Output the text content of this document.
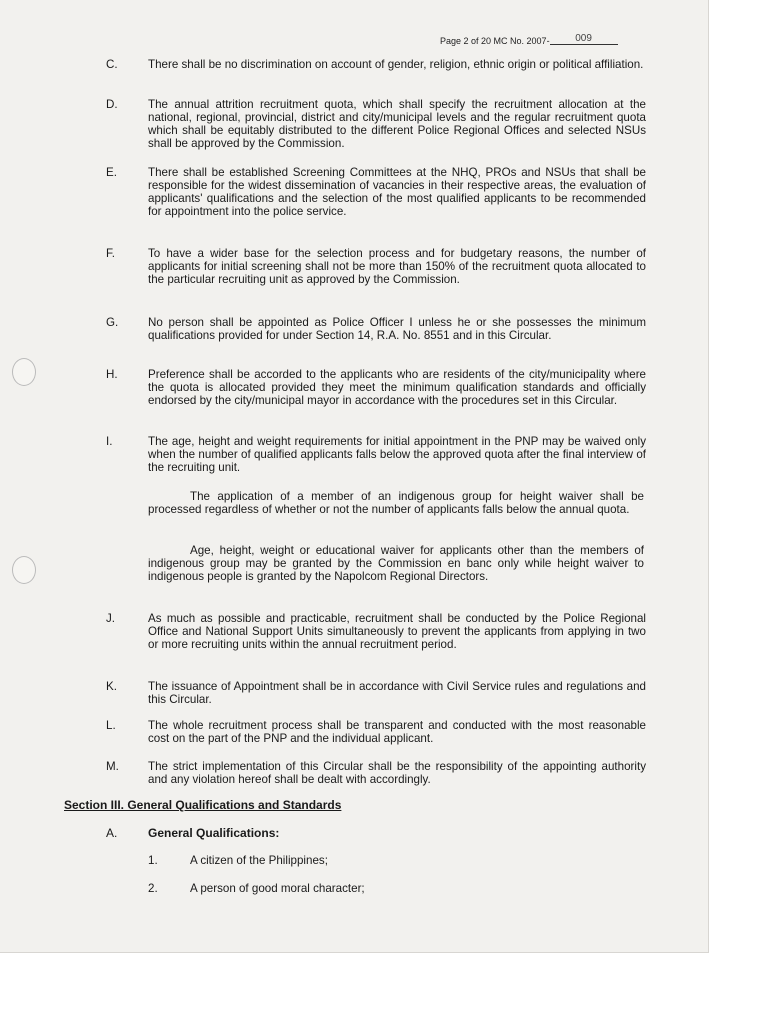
Page 2 of 20 MC No. 2007-	009
C.	There shall be no discrimination on account of gender, religion, ethnic origin or political affiliation.
D.	The annual attrition recruitment quota, which shall specify the recruitment allocation at the national, regional, provincial, district and city/municipal levels and the regular recruitment quota which shall be equitably distributed to the different Police Regional Offices and selected NSUs shall be approved by the Commission.
E.	There shall be established Screening Committees at the NHQ, PROs and NSUs that shall be responsible for the widest dissemination of vacancies in their respective areas, the evaluation of applicants' qualifications and the selection of the most qualified applicants to be recommended for appointment into the police service.
F.	To have a wider base for the selection process and for budgetary reasons, the number of applicants for initial screening shall not be more than 150% of the recruitment quota allocated to the particular recruiting unit as approved by the Commission.
G.	No person shall be appointed as Police Officer I unless he or she possesses the minimum qualifications provided for under Section 14, R.A. No. 8551 and in this Circular.
H.	Preference shall be accorded to the applicants who are residents of the city/municipality where the quota is allocated provided they meet the minimum qualification standards and officially endorsed by the city/municipal mayor in accordance with the procedures set in this Circular.
I.	The age, height and weight requirements for initial appointment in the PNP may be waived only when the number of qualified applicants falls below the approved quota after the final interview of the recruiting unit.
The application of a member of an indigenous group for height waiver shall be processed regardless of whether or not the number of applicants falls below the annual quota.
Age, height, weight or educational waiver for applicants other than the members of indigenous group may be granted by the Commission en banc only while height waiver to indigenous people is granted by the Napolcom Regional Directors.
J.	As much as possible and practicable, recruitment shall be conducted by the Police Regional Office and National Support Units simultaneously to prevent the applicants from applying in two or more recruiting units within the annual recruitment period.
K.	The issuance of Appointment shall be in accordance with Civil Service rules and regulations and this Circular.
L.	The whole recruitment process shall be transparent and conducted with the most reasonable cost on the part of the PNP and the individual applicant.
M.	The strict implementation of this Circular shall be the responsibility of the appointing authority and any violation hereof shall be dealt with accordingly.
Section III. General Qualifications and Standards
A.	General Qualifications:
1.	A citizen of the Philippines;
2.	A person of good moral character;
